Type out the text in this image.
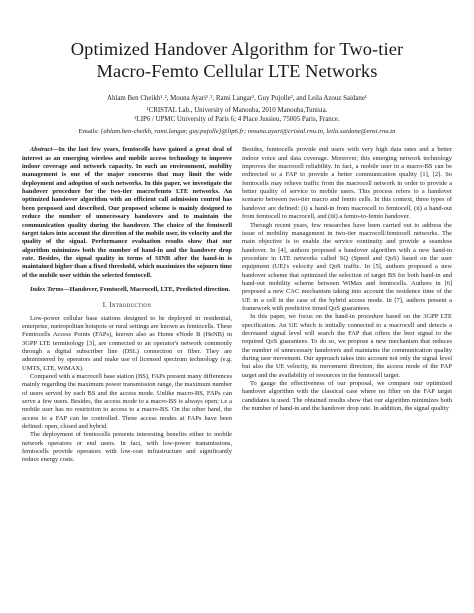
Optimized Handover Algorithm for Two-tier
Macro-Femto Cellular LTE Networks
Ahlam Ben Cheikh¹˒², Mouna Ayari¹˒², Rami Langar², Guy Pujolle², and Leila Azouz Saidane¹
¹CRISTAL Lab., University of Manouba, 2010 Manouba,Tunisia.
²LIP6 / UPMC University of Paris 6; 4 Place Jussieu, 75005 Paris, France.
Emails: {ahlam.ben-cheikh, rami.langar, guy.pujolle}@lip6.fr; mouna.ayari@cristal.rnu.tn, leila.saidane@ensi.rnu.tn

Abstract—In the last few years, femtocells have gained a great deal of interest as an emerging wireless and mobile access technology to improve indoor coverage and network capacity. In such an environment, mobility management is one of the major concerns that may limit the wide deployment and adoption of such networks. In this paper, we investigate the handover procedure for the two-tier macro/femto LTE networks. An optimized handover algorithm with an efficient call admission control has been proposed and described. Our proposed scheme is mainly designed to reduce the number of unnecessary handovers and to maintain the communication quality during the handover. The choice of the femtocell target takes into account the direction of the mobile user, its velocity and the quality of the signal. Performance evaluation results show that our algorithm minimizes both the number of hand-in and the handover drop rate. Besides, the signal quality in terms of SINR after the hand-in is maintained higher than a fixed threshold, which maximizes the sojourn time of the mobile user within the selected femtocell.

Index Terms—Handover, Femtocell, Macrocell, LTE, Predicted direction.

I. Introduction

Low-power cellular base stations designed to be deployed in residential, enterprise, metropolitan hotspots or rural settings are known as femtocells. These Femtocells Access Points (FAPs), known also as Home eNode B (HeNB) in 3GPP LTE terminology [3], are connected to an operator's network commonly through a digital subscriber line (DSL) connection or fiber. They are administered by operators and make use of licensed spectrum technology (e.g. UMTS, LTE, WiMAX).

Compared with a macrocell base station (BS), FAPs present many differences mainly regarding the maximum power transmission range, the maximum number of users served by each BS and the access mode. Unlike macro-BS, FAPs can serve a few users. Besides, the access mode to a macro-BS is always open; i.e a mobile user has no restriction to access to a macro-BS. On the other hand, the access to a FAP can be controlled. Three access modes at FAPs have been defined: open, closed and hybrid.

The deployment of femtocells presents interesting benefits either to mobile network operators or end users. In fact, with low-power transmissions, femtocells provide operators with low-cost infrastructure and significantly reduce energy costs.

Besides, femtocells provide end users with very high data rates and a better indoor voice and data coverage. Moreover, this emerging network technology improves the macrocell reliability. In fact, a mobile user in a macro-BS can be redirected to a FAP to provide a better communication quality [1], [2]. So femtocells may relieve traffic from the macrocell network in order to provide a better quality of service to mobile users. This process refers to a handover scenario between two-tier macro and femto cells. In this context, three types of handover are defined: (i) a hand-in from macrocell to femtocell, (ii) a hand-out from femtocell to macrocell, and (iii) a femto-to-femto handover.

Through recent years, few researches have been carried out to address the issue of mobility management in two-tier macrocell/femtocell networks. The main objective is to enable the service continuity and provide a seamless handover. In [4], authors proposed a handover algorithm with a new hand-in procedure in LTE networks called SQ (Speed and QoS) based on the user equipment (UE)'s velocity and QoS traffic. In [5], authors proposed a new handover scheme that optimized the selection of target BS for both hand-in and hand-out mobility scheme between WiMax and femtocells. Authors in [6] proposed a new CAC mechanism taking into account the residence time of the UE in a cell in the case of the hybrid access mode. In [7], authors present a framework with predictive timed QoS guarantees.

In this paper, we focus on the hand-in procedure based on the 3GPP LTE specification. An UE which is initially connected to a macrocell and detects a decreased signal level will search the FAP that offers the best signal to the required QoS guarantees. To do so, we propose a new mechanism that reduces the number of unnecessary handovers and maintains the communication quality during user movement. Our approach takes into account not only the signal level but also the UE velocity, its movement direction, the access mode of the FAP target and the availability of resources in the femtocell target.

To gauge the effectiveness of our proposal, we compare our optimized handover algorithm with the classical case where no filter on the FAP target candidates is used. The obtained results show that our algorithm minimizes both the number of hand-in and the handover drop rate. In addition, the signal quality
